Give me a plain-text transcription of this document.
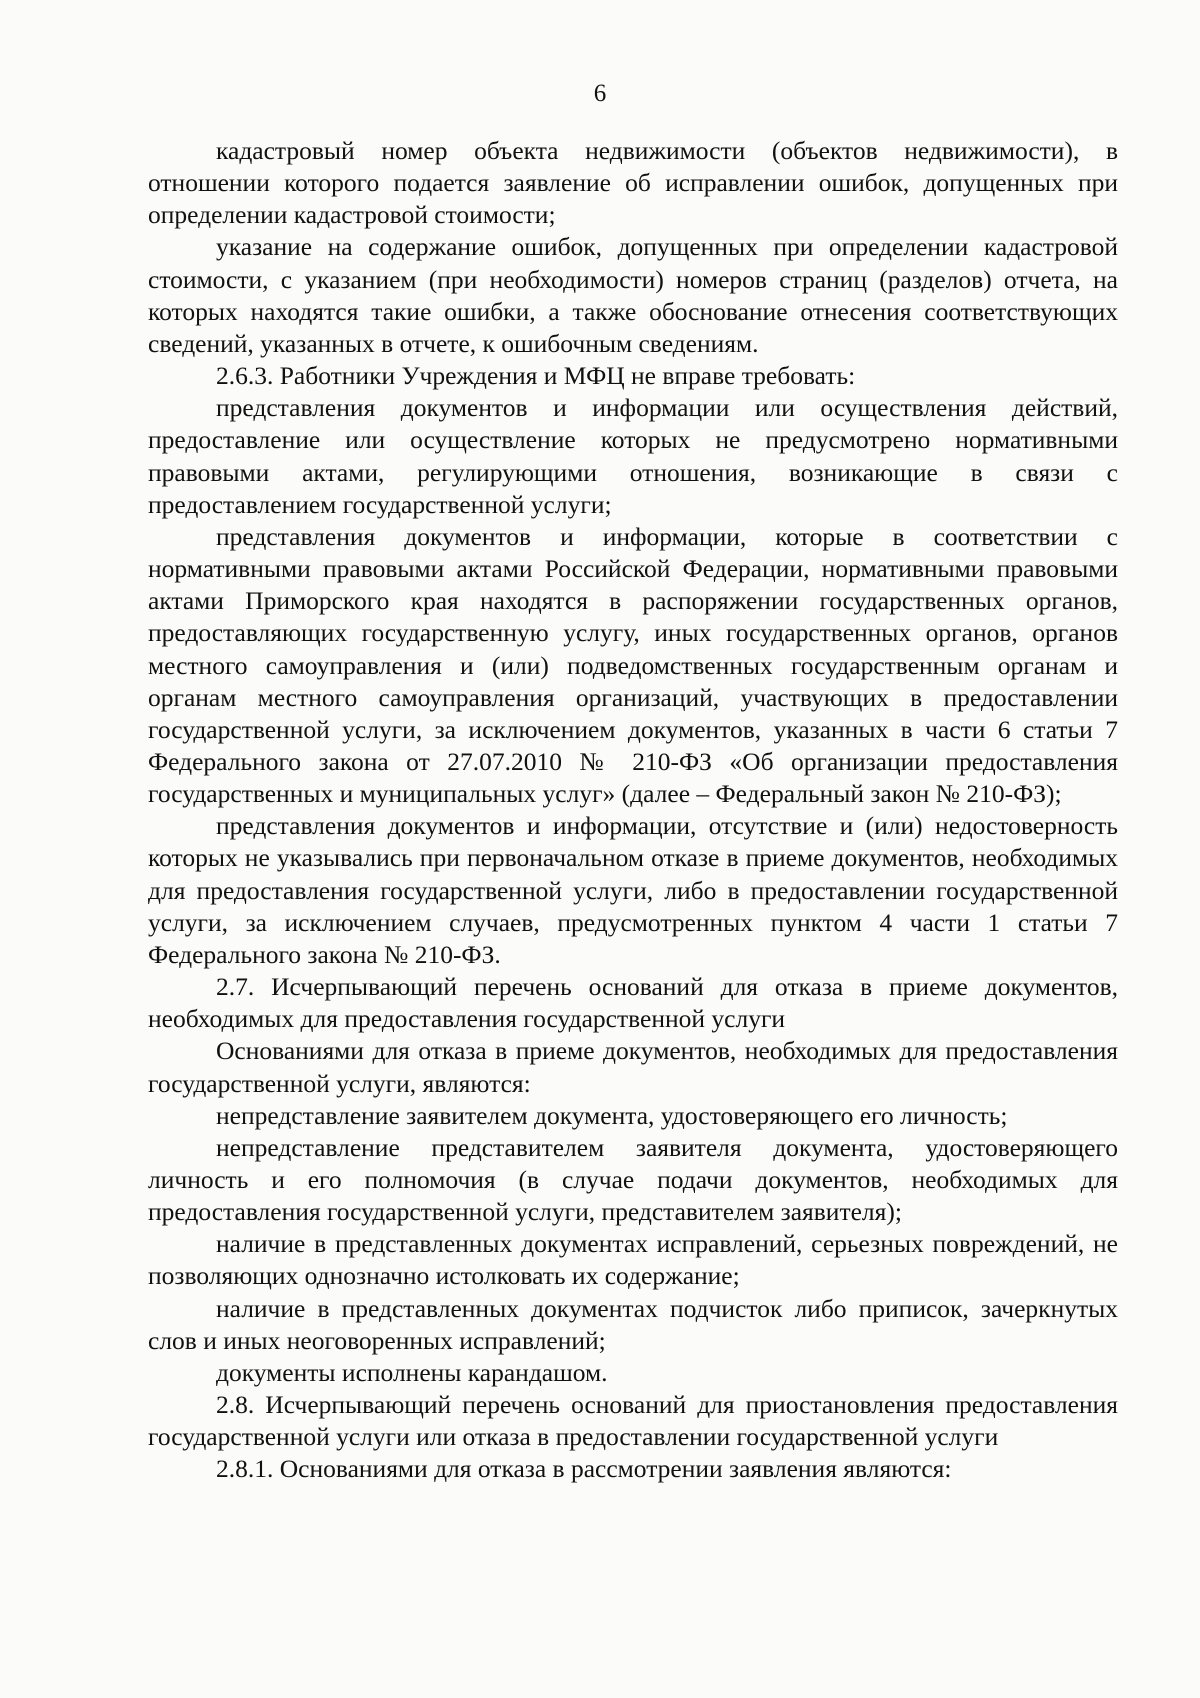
6

кадастровый номер объекта недвижимости (объектов недвижимости), в отношении которого подается заявление об исправлении ошибок, допущенных при определении кадастровой стоимости;

указание на содержание ошибок, допущенных при определении кадастровой стоимости, с указанием (при необходимости) номеров страниц (разделов) отчета, на которых находятся такие ошибки, а также обоснование отнесения соответствующих сведений, указанных в отчете, к ошибочным сведениям.

2.6.3. Работники Учреждения и МФЦ не вправе требовать:

представления документов и информации или осуществления действий, предоставление или осуществление которых не предусмотрено нормативными правовыми актами, регулирующими отношения, возникающие в связи с предоставлением государственной услуги;

представления документов и информации, которые в соответствии с нормативными правовыми актами Российской Федерации, нормативными правовыми актами Приморского края находятся в распоряжении государственных органов, предоставляющих государственную услугу, иных государственных органов, органов местного самоуправления и (или) подведомственных государственным органам и органам местного самоуправления организаций, участвующих в предоставлении государственной услуги, за исключением документов, указанных в части 6 статьи 7 Федерального закона от 27.07.2010 № 210-ФЗ «Об организации предоставления государственных и муниципальных услуг» (далее – Федеральный закон № 210-ФЗ);

представления документов и информации, отсутствие и (или) недостоверность которых не указывались при первоначальном отказе в приеме документов, необходимых для предоставления государственной услуги, либо в предоставлении государственной услуги, за исключением случаев, предусмотренных пунктом 4 части 1 статьи 7 Федерального закона № 210-ФЗ.

2.7. Исчерпывающий перечень оснований для отказа в приеме документов, необходимых для предоставления государственной услуги

Основаниями для отказа в приеме документов, необходимых для предоставления государственной услуги, являются:

непредставление заявителем документа, удостоверяющего его личность;

непредставление представителем заявителя документа, удостоверяющего личность и его полномочия (в случае подачи документов, необходимых для предоставления государственной услуги, представителем заявителя);

наличие в представленных документах исправлений, серьезных повреждений, не позволяющих однозначно истолковать их содержание;

наличие в представленных документах подчисток либо приписок, зачеркнутых слов и иных неоговоренных исправлений;

документы исполнены карандашом.

2.8. Исчерпывающий перечень оснований для приостановления предоставления государственной услуги или отказа в предоставлении государственной услуги

2.8.1. Основаниями для отказа в рассмотрении заявления являются:
